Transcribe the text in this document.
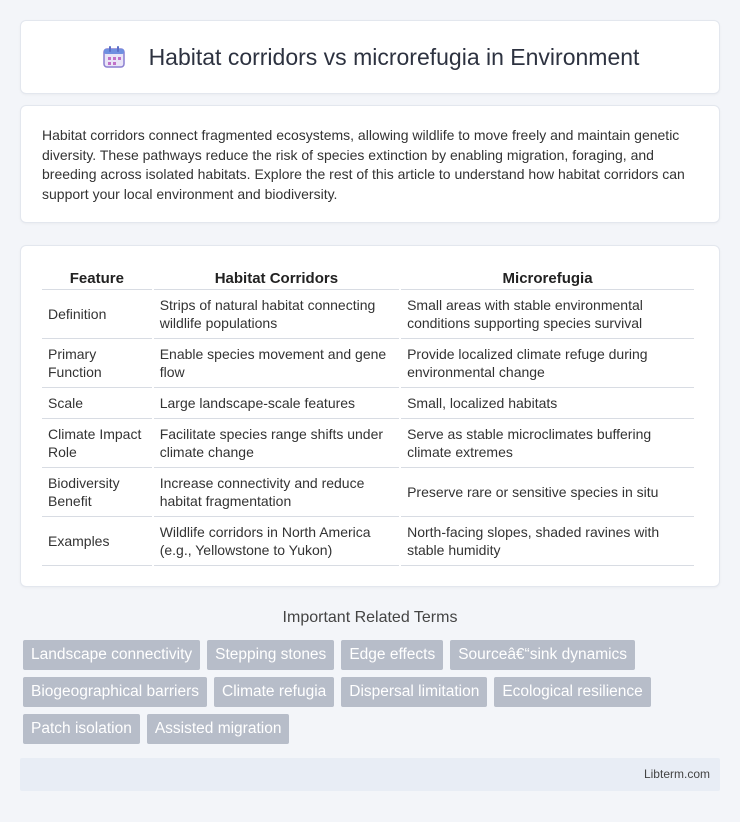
Habitat corridors vs microrefugia in Environment

Habitat corridors connect fragmented ecosystems, allowing wildlife to move freely and maintain genetic diversity. These pathways reduce the risk of species extinction by enabling migration, foraging, and breeding across isolated habitats. Explore the rest of this article to understand how habitat corridors can support your local environment and biodiversity.

Feature	Habitat Corridors	Microrefugia
Definition	Strips of natural habitat connecting wildlife populations	Small areas with stable environmental conditions supporting species survival
Primary Function	Enable species movement and gene flow	Provide localized climate refuge during environmental change
Scale	Large landscape-scale features	Small, localized habitats
Climate Impact Role	Facilitate species range shifts under climate change	Serve as stable microclimates buffering climate extremes
Biodiversity Benefit	Increase connectivity and reduce habitat fragmentation	Preserve rare or sensitive species in situ
Examples	Wildlife corridors in North America (e.g., Yellowstone to Yukon)	North-facing slopes, shaded ravines with stable humidity
Important Related Terms
Landscape connectivity	Stepping stones	Edge effects	Sourceâ€“sink dynamics
Biogeographical barriers	Climate refugia	Dispersal limitation	Ecological resilience
Patch isolation	Assisted migration
Libterm.com
